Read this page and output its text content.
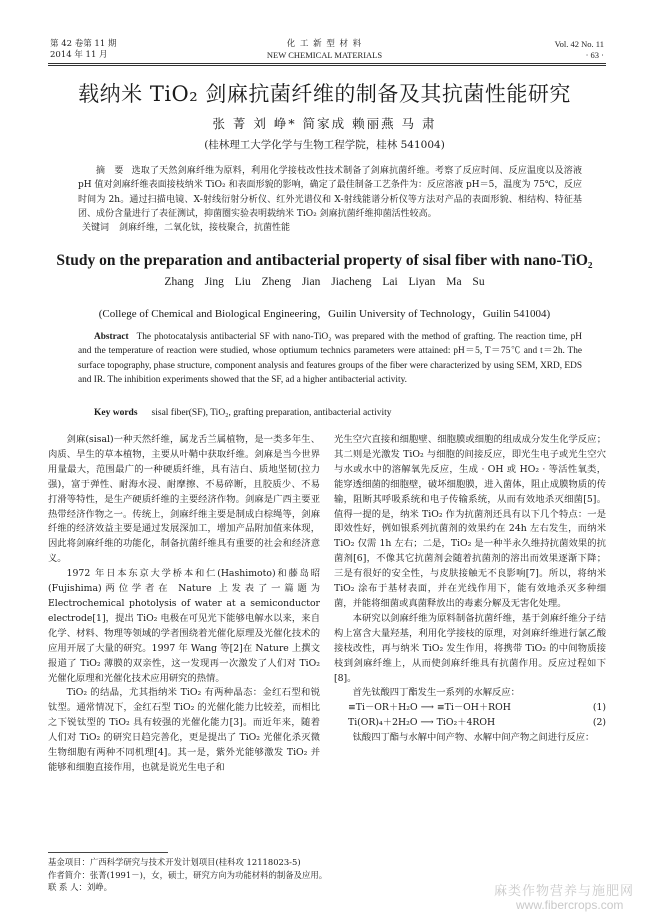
第 42 卷第 11 期
2014 年 11 月
化 工 新 型 材 料
NEW CHEMICAL MATERIALS
Vol. 42 No. 11
· 63 ·
载纳米 TiO₂ 剑麻抗菌纤维的制备及其抗菌性能研究
张 菁 刘 峥* 简家成 赖丽燕 马 肃
(桂林理工大学化学与生物工程学院，桂林 541004)
摘　要 选取了天然剑麻纤维为原料，利用化学接枝改性技术制备了剑麻抗菌纤维。考察了反应时间、反应温度以及溶液 pH 值对剑麻纤维表面接枝纳米 TiO₂ 和表面形貌的影响，确定了最佳制备工艺条件为：反应溶液 pH＝5，温度为 75℃，反应时间为 2h。通过扫描电镜、X-射线衍射分析仪、红外光谱仪和 X-射线能谱分析仪等方法对产品的表面形貌、相结构、特征基团、成份含量进行了表征测试，抑菌圈实验表明载纳米 TiO₂ 剑麻抗菌纤维抑菌活性较高。
关键词 剑麻纤维，二氧化钛，接枝聚合，抗菌性能
Study on the preparation and antibacterial property of sisal fiber with nano-TiO₂
Zhang Jing Liu Zheng Jian Jiacheng Lai Liyan Ma Su
(College of Chemical and Biological Engineering，Guilin University of Technology，Guilin 541004)
Abstract The photocatalysis antibacterial SF with nano-TiO₂ was prepared with the method of grafting. The reaction time, pH and the temperature of reaction were studied, whose optiumum technics parameters were attained: pH＝5, T＝75℃ and t＝2h. The surface topography, phase structure, component analysis and features groups of the fiber were characterized by using SEM, XRD, EDS and IR. The inhibition experiments showed that the SF, ad a higher antibacterial activity.
Key words sisal fiber(SF), TiO₂, grafting preparation, antibacterial activity

剑麻(sisal)一种天然纤维，属龙舌兰属植物，是一类多年生、肉质、旱生的草本植物，主要从叶鞘中获取纤维。剑麻是当今世界用量最大，范围最广的一种硬质纤维，具有洁白、质地坚韧(拉力强)，富于弹性、耐海水浸、耐摩擦、不易碎断，且胶质少、不易打滑等特性，是生产硬质纤维的主要经济作物。剑麻是广西主要亚热带经济作物之一。传统上，剑麻纤维主要是制成白棕绳等，剑麻纤维的经济效益主要是通过发展深加工，增加产品附加值来体现，因此将剑麻纤维的功能化，制备抗菌纤维具有重要的社会和经济意义。

1972 年日本东京大学桥本和仁(Hashimoto)和藤岛昭(Fujishima)两位学者在 Nature 上发表了一篇题为 Electrochemical photolysis of water at a semiconductor electrode[1]，提出 TiO₂ 电极在可见光下能够电解水以来，来自化学、材料、物理等领域的学者围绕着光催化原理及光催化技术的应用开展了大量的研究。1997 年 Wang 等[2]在 Nature 上撰文报道了 TiO₂ 薄膜的双亲性，这一发现再一次激发了人们对 TiO₂ 光催化原理和光催化技术应用研究的热情。

TiO₂ 的结晶，尤其指纳米 TiO₂ 有两种晶态：金红石型和锐钛型。通常情况下，金红石型 TiO₂ 的光催化能力比较差，而相比之下锐钛型的 TiO₂ 具有较强的光催化能力[3]。而近年来，随着人们对 TiO₂ 的研究日趋完善化，更是提出了 TiO₂ 光催化杀灭微生物细胞有两种不同机理[4]。其一是，紫外光能够激发 TiO₂ 并能够和细胞直接作用，也就是说光生电子和

光生空穴直接和细胞壁、细胞膜或细胞的组成成分发生化学反应；其二则是光激发 TiO₂ 与细胞的间接反应，即光生电子或光生空穴与水或水中的溶解氧先反应，生成 · OH 或 HO₂ · 等活性氧类，能穿透细菌的细胞壁，破坏细胞膜，进入菌体，阻止成膜物质的传输，阻断其呼吸系统和电子传输系统，从而有效地杀灭细菌[5]。值得一提的是，纳米 TiO₂ 作为抗菌剂还具有以下几个特点：一是即效性好，例如银系列抗菌剂的效果约在 24h 左右发生，而纳米 TiO₂ 仅需 1h 左右；二是，TiO₂ 是一种半永久维持抗菌效果的抗菌剂[6]，不像其它抗菌剂会随着抗菌剂的溶出而效果逐渐下降；三是有很好的安全性，与皮肤接触无不良影响[7]。所以，将纳米 TiO₂ 涂布于基材表面，并在光线作用下，能有效地杀灭多种细菌，并能将细菌或真菌释放出的毒素分解及无害化处理。

本研究以剑麻纤维为原料制备抗菌纤维，基于剑麻纤维分子结构上富含大量羟基，利用化学接枝的原理，对剑麻纤维进行氯乙酸接枝改性，再与纳米 TiO₂ 发生作用，将携带 TiO₂ 的中间物质接枝到剑麻纤维上，从而使剑麻纤维具有抗菌作用。反应过程如下[8]。

首先钛酸四丁酯发生一系列的水解反应：

≡Ti－OR＋H₂O ⟶ ≡Ti－OH＋ROH	(1)
Ti(OR)₄＋2H₂O ⟶ TiO₂＋4ROH	(2)

钛酸四丁酯与水解中间产物、水解中间产物之间进行反应：

基金项目：广西科学研究与技术开发计划项目(桂科攻 12118023-5)
作者简介：张菁(1991－)，女，硕士，研究方向为功能材料的制备及应用。
联 系 人：刘峥。	麻类作物营养与施肥网
www.fibercrops.com
